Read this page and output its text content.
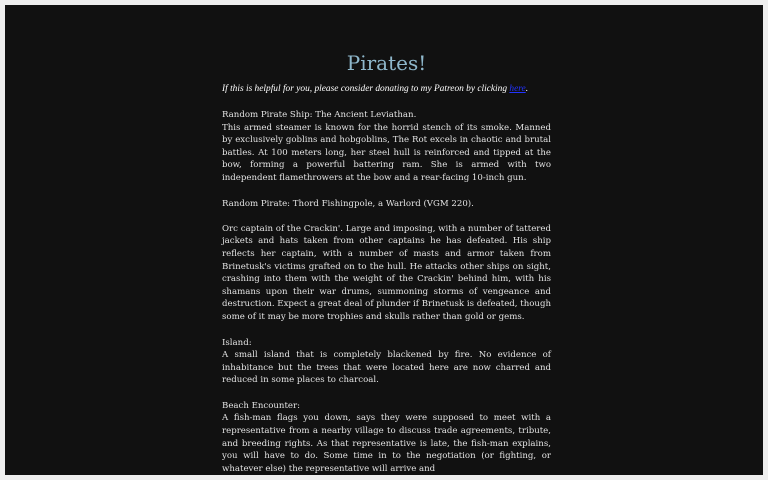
Pirates!

If this is helpful for you, please consider donating to my Patreon by clicking here.

Random Pirate Ship: The Ancient Leviathan.
This armed steamer is known for the horrid stench of its smoke. Manned by exclusively goblins and hobgoblins, The Rot excels in chaotic and brutal battles. At 100 meters long, her steel hull is reinforced and tipped at the bow, forming a powerful battering ram. She is armed with two independent flamethrowers at the bow and a rear-facing 10-inch gun.
Random Pirate: Thord Fishingpole, a Warlord (VGM 220).
Orc captain of the Crackin'. Large and imposing, with a number of tattered jackets and hats taken from other captains he has defeated. His ship reflects her captain, with a number of masts and armor taken from Brinetusk's victims grafted on to the hull. He attacks other ships on sight, crashing into them with the weight of the Crackin' behind him, with his shamans upon their war drums, summoning storms of vengeance and destruction. Expect a great deal of plunder if Brinetusk is defeated, though some of it may be more trophies and skulls rather than gold or gems.
Island:
A small island that is completely blackened by fire. No evidence of inhabitance but the trees that were located here are now charred and reduced in some places to charcoal.
Beach Encounter:
A fish-man flags you down, says they were supposed to meet with a representative from a nearby village to discuss trade agreements, tribute, and breeding rights. As that representative is late, the fish-man explains, you will have to do. Some time in to the negotiation (or fighting, or whatever else) the representative will arrive and
